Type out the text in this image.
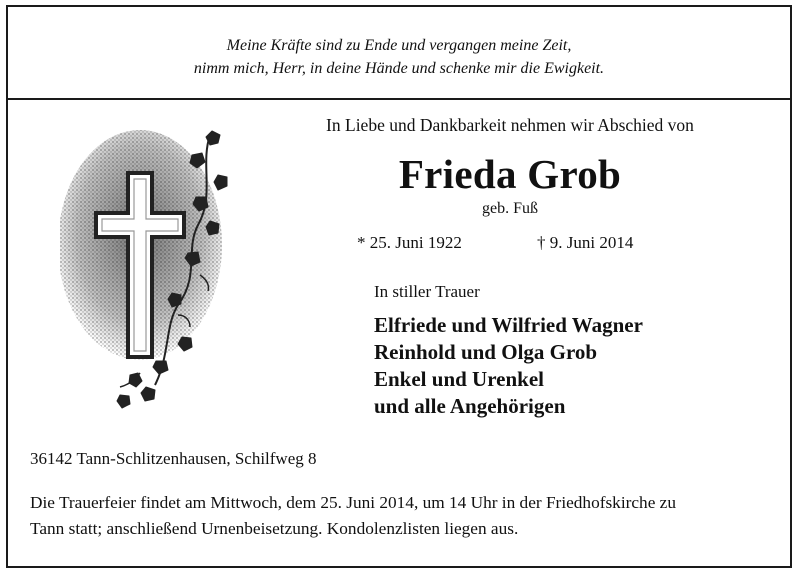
Meine Kräfte sind zu Ende und vergangen meine Zeit,
nimm mich, Herr, in deine Hände und schenke mir die Ewigkeit.
In Liebe und Dankbarkeit nehmen wir Abschied von
Frieda Grob
geb. Fuß
* 25. Juni 1922	† 9. Juni 2014
In stiller Trauer
Elfriede und Wilfried Wagner
Reinhold und Olga Grob
Enkel und Urenkel
und alle Angehörigen
36142 Tann-Schlitzenhausen, Schilfweg 8
Die Trauerfeier findet am Mittwoch, dem 25. Juni 2014, um 14 Uhr in der Friedhofskirche zu
Tann statt; anschließend Urnenbeisetzung. Kondolenzlisten liegen aus.
